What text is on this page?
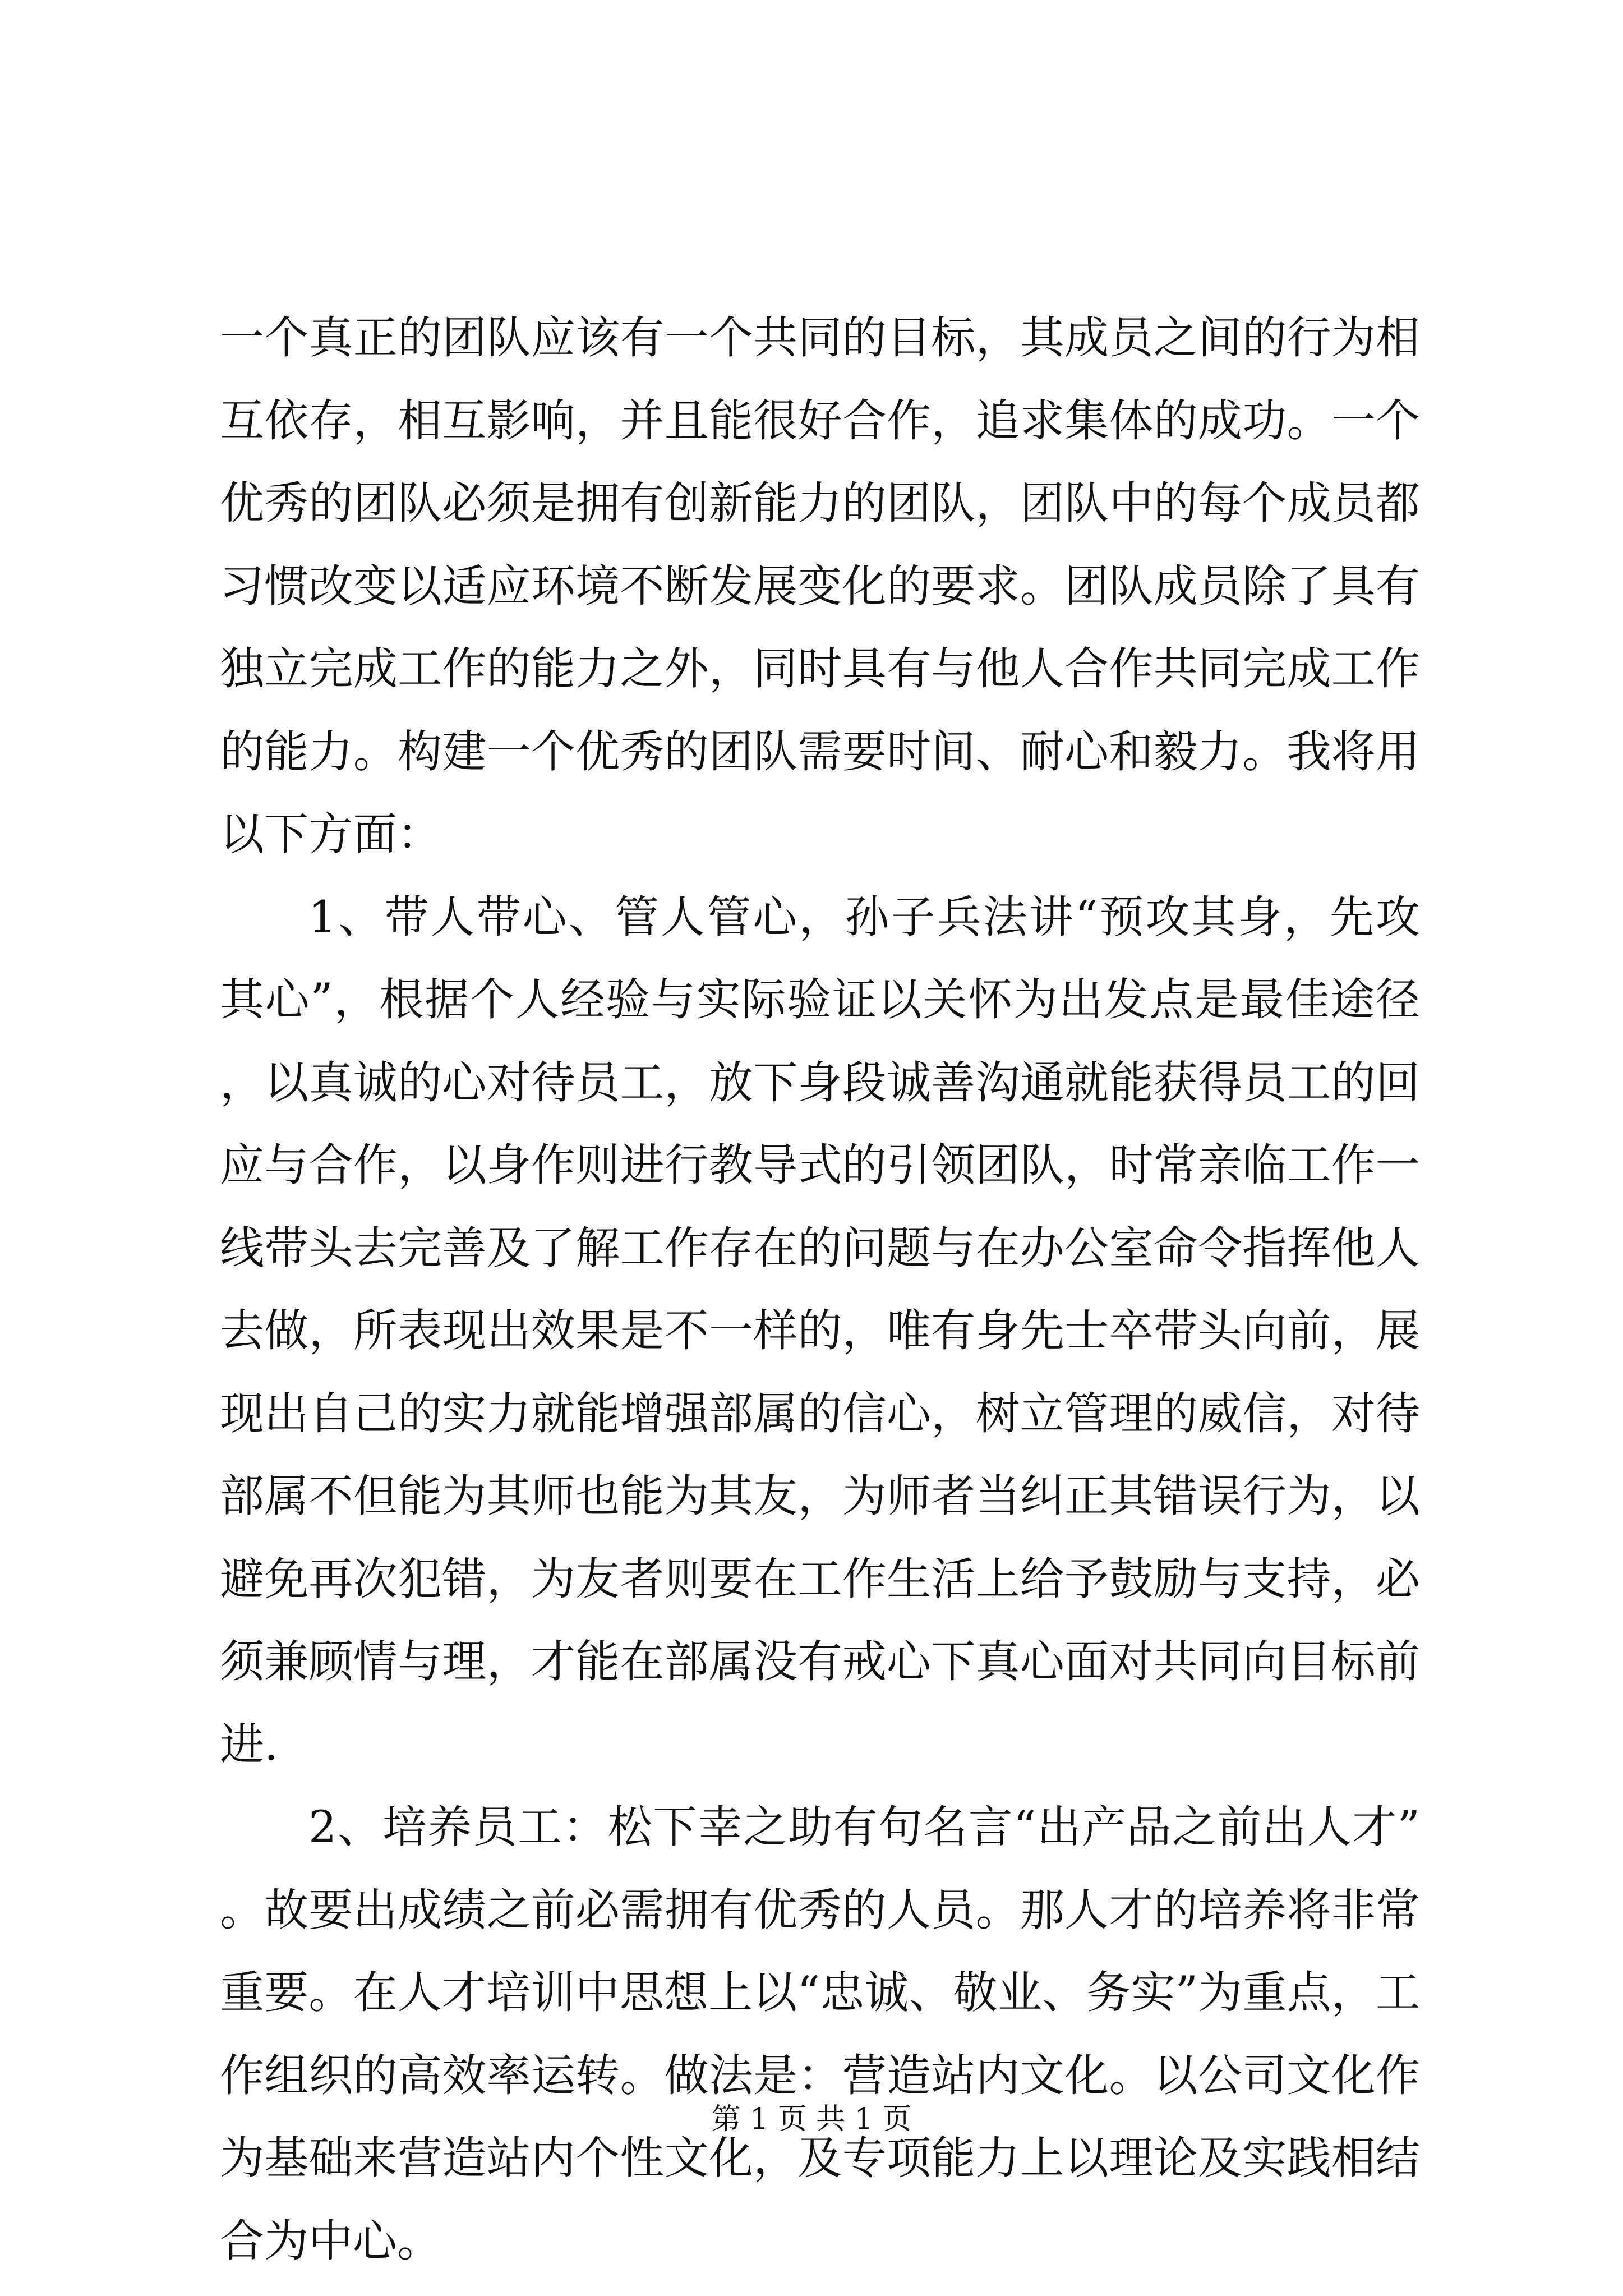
一个真正的团队应该有一个共同的目标，其成员之间的行为相互依存，相互影响，并且能很好合作，追求集体的成功。一个优秀的团队必须是拥有创新能力的团队，团队中的每个成员都习惯改变以适应环境不断发展变化的要求。团队成员除了具有独立完成工作的能力之外，同时具有与他人合作共同完成工作的能力。构建一个优秀的团队需要时间、耐心和毅力。我将用以下方面：

1、带人带心、管人管心，孙子兵法讲“预攻其身，先攻其心”，根据个人经验与实际验证以关怀为出发点是最佳途径，以真诚的心对待员工，放下身段诚善沟通就能获得员工的回应与合作，以身作则进行教导式的引领团队，时常亲临工作一线带头去完善及了解工作存在的问题与在办公室命令指挥他人去做，所表现出效果是不一样的，唯有身先士卒带头向前，展现出自己的实力就能增强部属的信心，树立管理的威信，对待部属不但能为其师也能为其友，为师者当纠正其错误行为，以避免再次犯错，为友者则要在工作生活上给予鼓励与支持，必须兼顾情与理，才能在部属没有戒心下真心面对共同向目标前进.

2、培养员工：松下幸之助有句名言“出产品之前出人才”。故要出成绩之前必需拥有优秀的人员。那人才的培养将非常重要。在人才培训中思想上以“忠诚、敬业、务实”为重点，工作组织的高效率运转。做法是：营造站内文化。以公司文化作为基础来营造站内个性文化，及专项能力上以理论及实践相结合为中心。

第 1 页 共 1 页
